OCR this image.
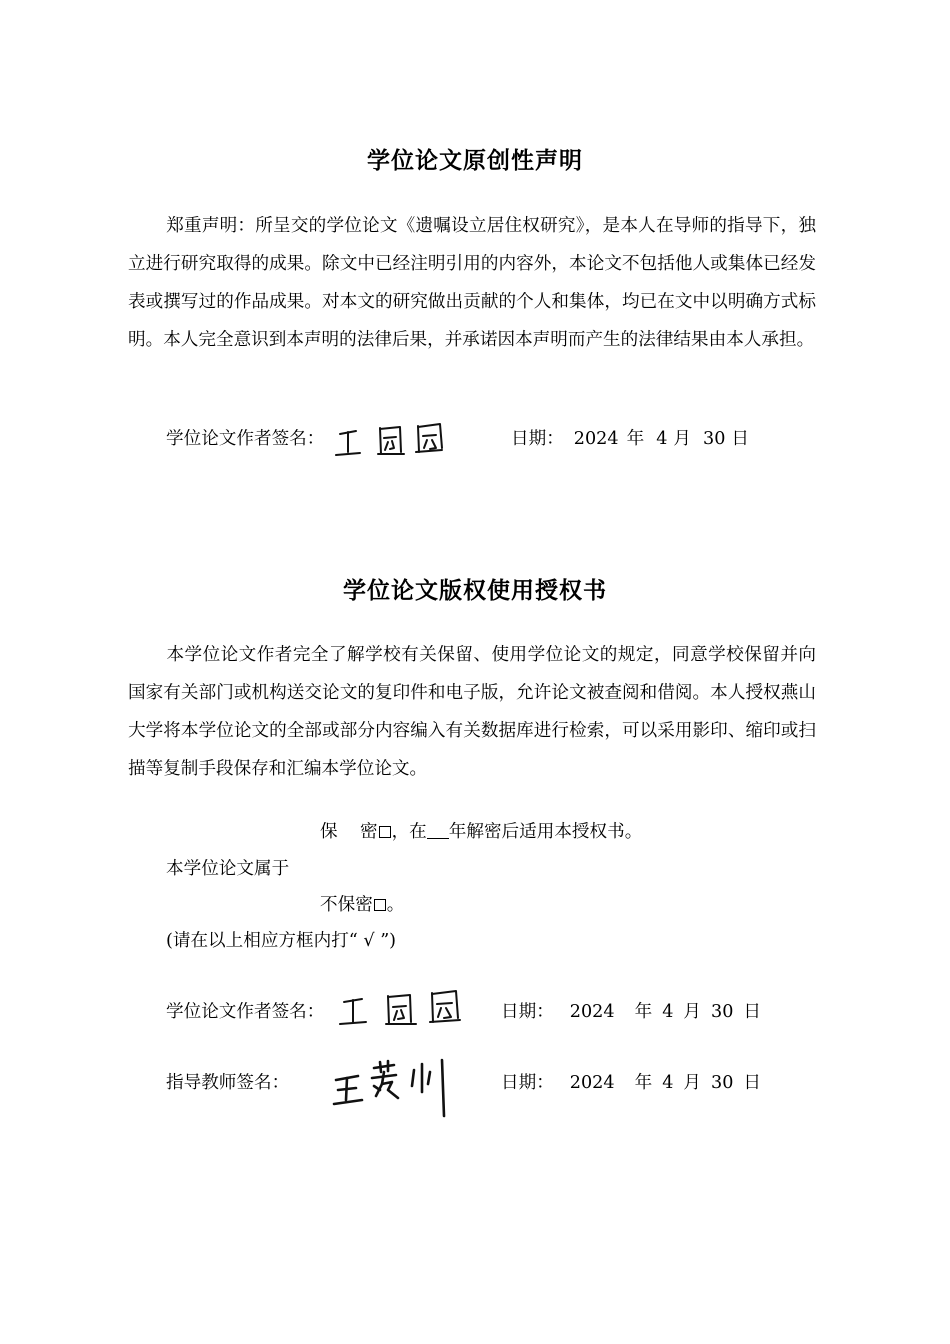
学位论文原创性声明
郑重声明：所呈交的学位论文《遗嘱设立居住权研究》，是本人在导师的指导下，独立进行研究取得的成果。除文中已经注明引用的内容外，本论文不包括他人或集体已经发表或撰写过的作品成果。对本文的研究做出贡献的个人和集体，均已在文中以明确方式标明。本人完全意识到本声明的法律后果，并承诺因本声明而产生的法律结果由本人承担。
学位论文作者签名：	日期： 2024 年 4 月 30 日
学位论文版权使用授权书
本学位论文作者完全了解学校有关保留、使用学位论文的规定，同意学校保留并向国家有关部门或机构送交论文的复印件和电子版，允许论文被查阅和借阅。本人授权燕山大学将本学位论文的全部或部分内容编入有关数据库进行检索，可以采用影印、缩印或扫描等复制手段保存和汇编本学位论文。
保    密 ，在 年解密后适用本授权书。
本学位论文属于
不保密 。
(请在以上相应方框内打“ √ ”)
学位论文作者签名：	日期： 2024 年 4 月 30 日
指导教师签名：	日期： 2024 年 4 月 30 日
